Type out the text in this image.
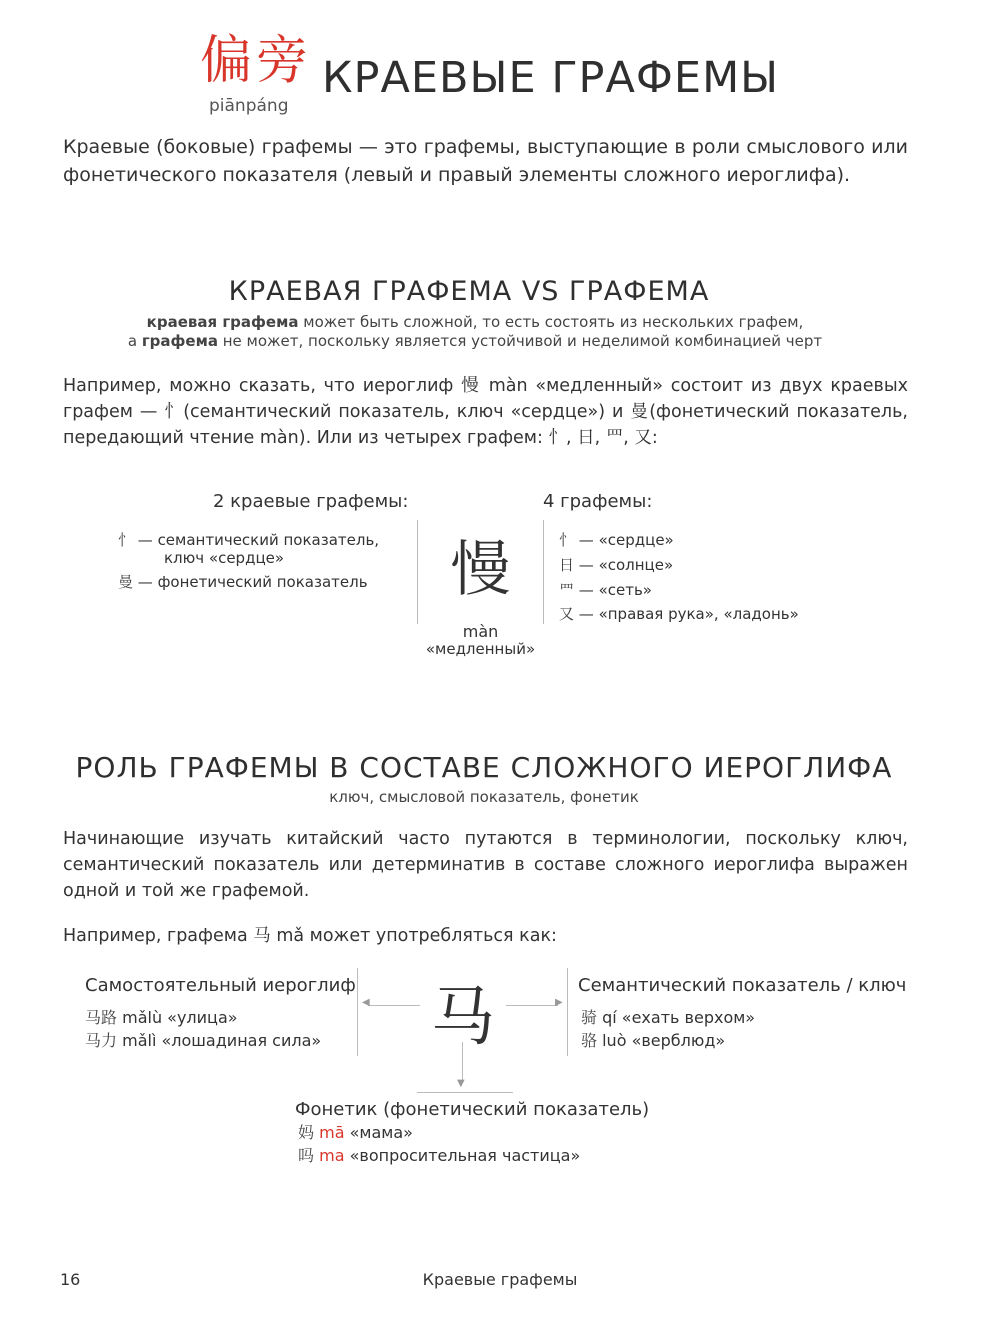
偏旁
piānpáng
КРАЕВЫЕ ГРАФЕМЫ
Краевые (боковые) графемы — это графемы, выступающие в роли смыслового или фонетического показателя (левый и правый элементы сложного иероглифа).
КРАЕВАЯ ГРАФЕМА VS ГРАФЕМА
краевая графема может быть сложной, то есть состоять из нескольких графем,
а графема не может, поскольку является устойчивой и неделимой комбинацией черт
Например, можно сказать, что иероглиф 慢 màn «медленный» состоит из двух краевых графем — 忄(семантический показатель, ключ «сердце») и 曼(фонетический показатель, передающий чтение màn). Или из четырех графем: 忄, 日, 罒, 又:
2 краевые графемы:
忄 — семантический показатель,
ключ «сердце»
曼 — фонетический показатель	慢
màn
«медленный»
4 графемы:
忄 — «сердце»
日 — «солнце»
罒 — «сеть»
又 — «правая рука», «ладонь»
РОЛЬ ГРАФЕМЫ В СОСТАВЕ СЛОЖНОГО ИЕРОГЛИФА
ключ, смысловой показатель, фонетик
Начинающие изучать китайский часто путаются в терминологии, поскольку ключ, семантический показатель или детерминатив в составе сложного иероглифа выражен одной и той же графемой.
Например, графема 马 mǎ может употребляться как:
Самостоятельный иероглиф
马路 mǎlù «улица»
马力 mǎlì «лошадиная сила»
◀	▶
▼
马	Семантический показатель / ключ
骑 qí «ехать верхом»
骆 luò «верблюд»
Фонетик (фонетический показатель)
妈 mā «мама»
吗 ma «вопросительная частица»
16	Краевые графемы
